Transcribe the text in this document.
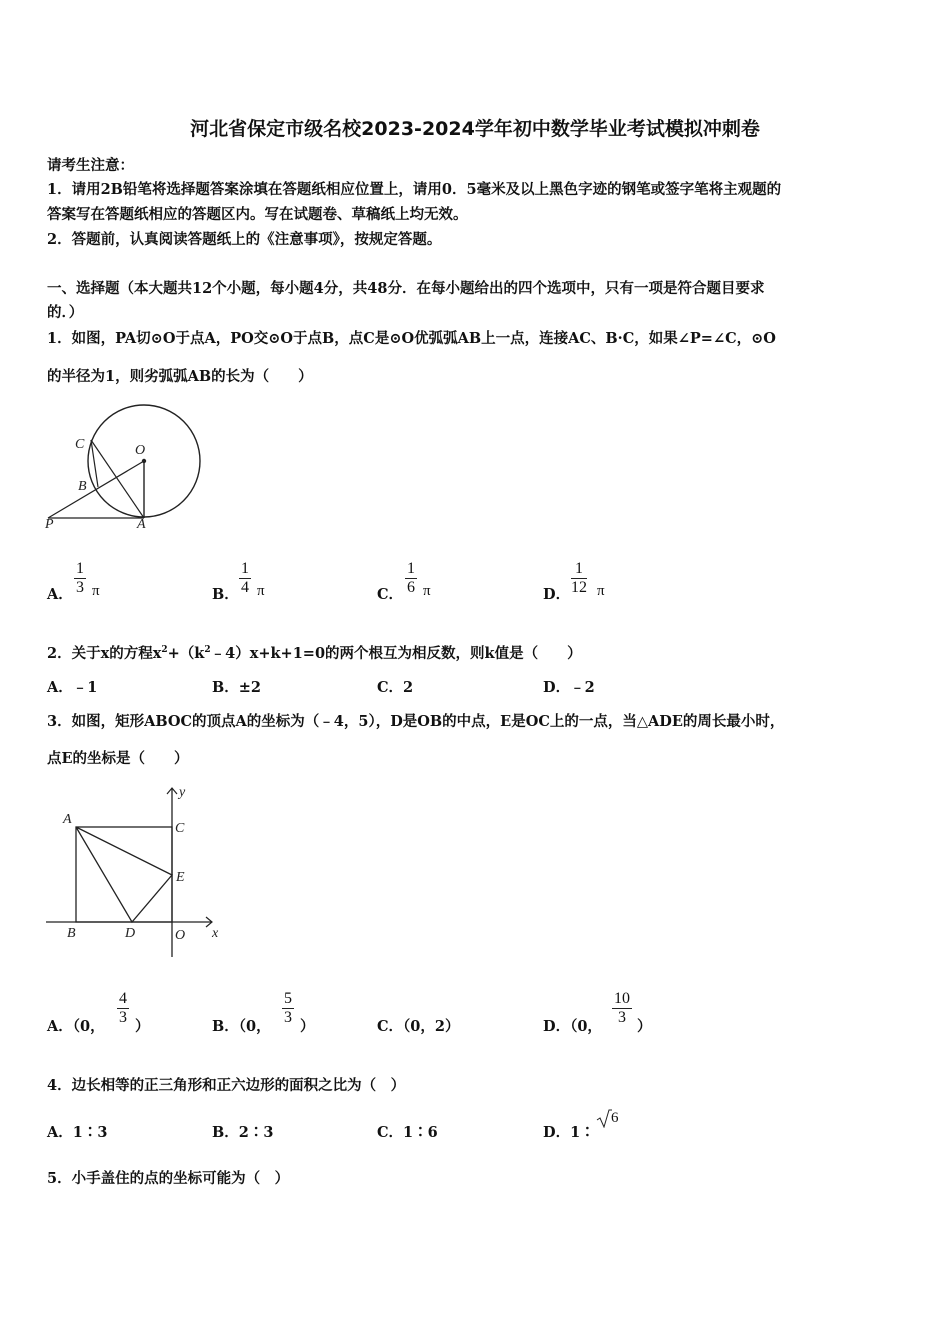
河北省保定市级名校2023-2024学年初中数学毕业考试模拟冲刺卷
请考生注意：
1．请用2B铅笔将选择题答案涂填在答题纸相应位置上，请用0．5毫米及以上黑色字迹的钢笔或签字笔将主观题的
答案写在答题纸相应的答题区内。写在试题卷、草稿纸上均无效。
2．答题前，认真阅读答题纸上的《注意事项》，按规定答题。
一、选择题（本大题共12个小题，每小题4分，共48分．在每小题给出的四个选项中，只有一项是符合题目要求
的．）
1．如图，PA切⊙O于点A，PO交⊙O于点B，点C是⊙O优弧弧AB上一点，连接AC、B·C，如果∠P=∠C，⊙O
的半径为1，则劣弧弧AB的长为（　　）
C	O
B
P	A
A． $\frac{1}{3}$ π	B． $\frac{1}{4}$ π	C． $\frac{1}{6}$ π	D． $\frac{1}{12}$ π
2．关于x的方程$x^2+(k^2﹣4)x+k+1=0$的两个根互为相反数，则k值是（　　）
A．﹣1	B．±2	C．2	D．﹣2
3．如图，矩形ABOC的顶点A的坐标为（﹣4，5），D是OB的中点，E是OC上的一点，当△ADE的周长最小时，
点E的坐标是（　　）
y
A
C
E
B	D	O x
A．（0， $\frac{4}{3}$ ）	B．（0， $\frac{5}{3}$ ）	C．（0，2）	D．（0， $\frac{10}{3}$ ）
4．边长相等的正三角形和正六边形的面积之比为（　）
A．1∶3	B．2∶3	C．1∶6	D．1∶
6
5．小手盖住的点的坐标可能为（　）
